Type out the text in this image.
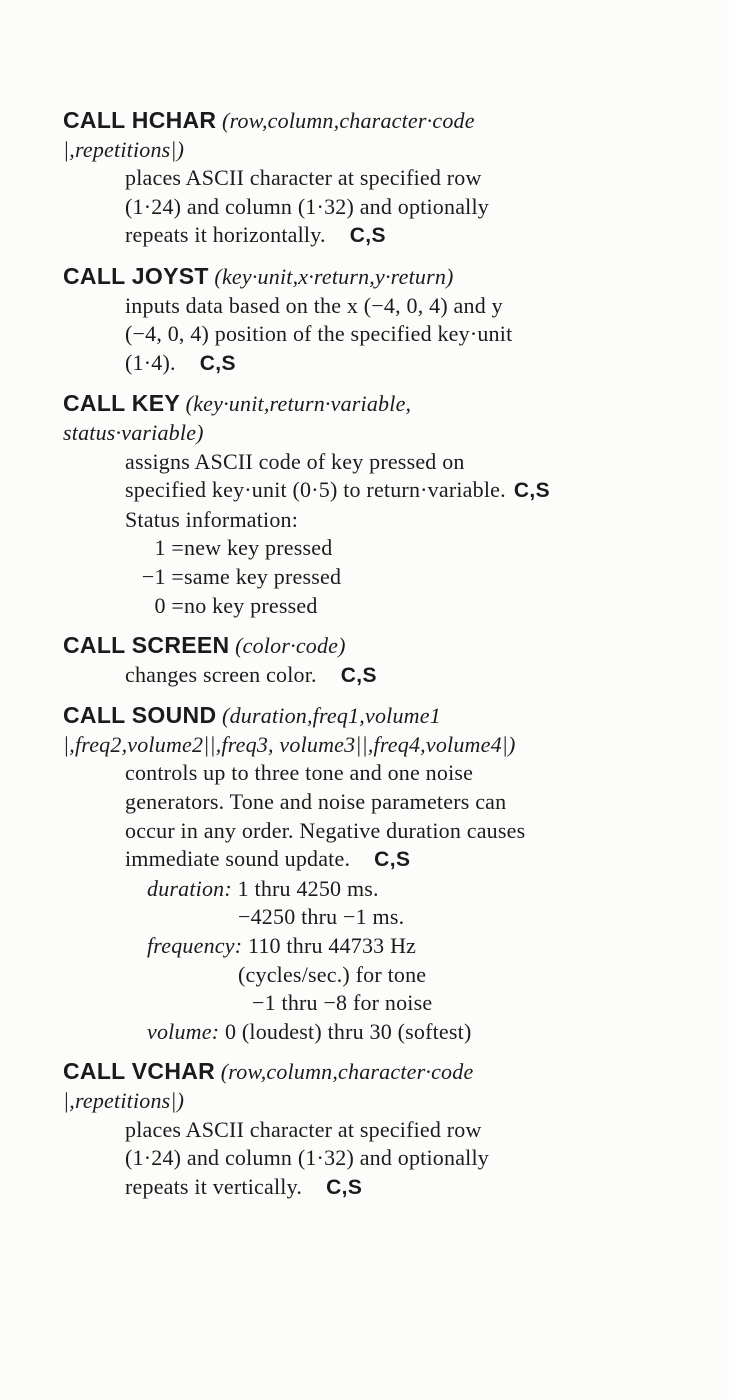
CALL HCHAR (row,column,character·code
|,repetitions|)
places ASCII character at specified row
(1·24) and column (1·32) and optionally
repeats it horizontally. C,S
CALL JOYST (key·unit,x·return,y·return)
inputs data based on the x (−4, 0, 4) and y
(−4, 0, 4) position of the specified key·unit
(1·4). C,S
CALL KEY (key·unit,return·variable,
status·variable)
assigns ASCII code of key pressed on
specified key·unit (0·5) to return·variable. C,S
Status information:
1 =new key pressed
−1 =same key pressed
0 =no key pressed
CALL SCREEN (color·code)
changes screen color. C,S
CALL SOUND (duration,freq1,volume1
|,freq2,volume2||,freq3, volume3||,freq4,volume4|)
controls up to three tone and one noise
generators. Tone and noise parameters can
occur in any order. Negative duration causes
immediate sound update. C,S
duration: 1 thru 4250 ms.
−4250 thru −1 ms.
frequency: 110 thru 44733 Hz
(cycles/sec.) for tone
−1 thru −8 for noise
volume: 0 (loudest) thru 30 (softest)
CALL VCHAR (row,column,character·code
|,repetitions|)
places ASCII character at specified row
(1·24) and column (1·32) and optionally
repeats it vertically. C,S
